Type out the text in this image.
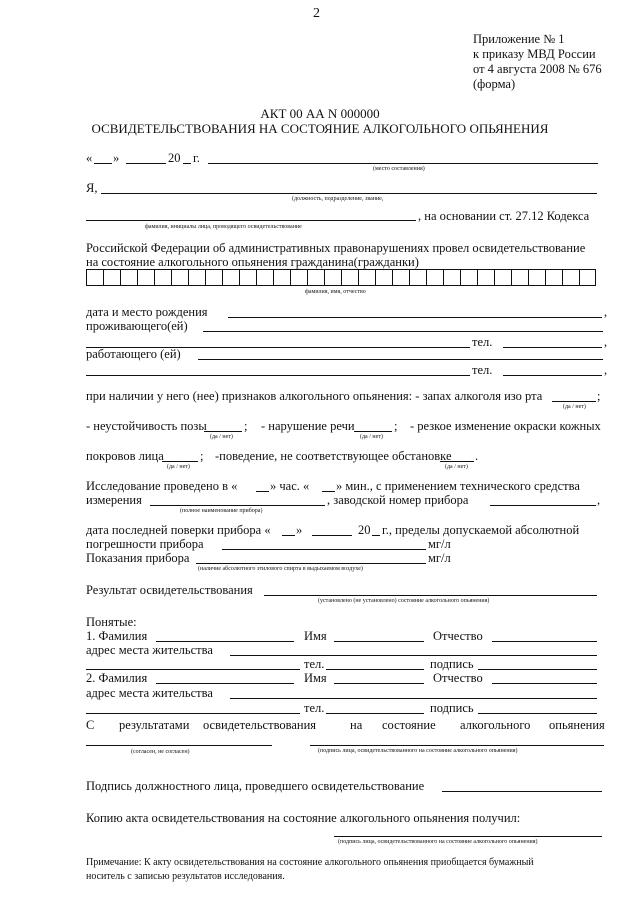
2
Приложение № 1
к приказу МВД России
от 4 августа 2008 № 676
(форма)
АКТ 00 АА N 000000
ОСВИДЕТЕЛЬСТВОВАНИЯ НА СОСТОЯНИЕ АЛКОГОЛЬНОГО ОПЬЯНЕНИЯ
« »	20 г.
(место составления)
Я,
(должность, подразделение, звание,
фамилия, инициалы лица, проводящего освидетельствование
, на основании ст. 27.12 Кодекса
Российской Федерации об административных правонарушениях провел освидетельствование
на состояние алкогольного опьянения гражданина(гражданки)
фамилия, имя, отчество
дата и место рождения	,
проживающего(ей)
тел.	,
работающего (ей)
тел.	,
при наличии у него (нее) признаков алкогольного опьянения: - запах алкоголя изо рта	;
(да / нет)
- неустойчивость позы	;
(да / нет)
- нарушение речи	;
(да / нет)
- резкое изменение окраски кожных
покровов лица	;
(да / нет)
-поведение, не соответствующее обстановке .
(да / нет)
Исследование проведено в «	» час. « » мин., с применением технического средства
измерения
(полное наименование прибора)
, заводской номер прибора	,
дата последней поверки прибора « »	20 г., пределы допускаемой абсолютной
погрешности прибора	мг/л
Показания прибора	мг/л
(наличие абсолютного этилового спирта в выдыхаемом воздухе)
Результат освидетельствования
(установлено (не установлено) состояние алкогольного опьянения)
Понятые:
1. Фамилия	Имя	Отчество
адрес места жительства
тел.	подпись
2. Фамилия	Имя	Отчество
адрес места жительства
тел.	подпись
С результатами освидетельствования	на состояние алкогольного опьянения
(согласен, не согласен)	(подпись лица, освидетельствованного на состояние алкогольного опьянения)
Подпись должностного лица, проведшего освидетельствование
Копию акта освидетельствования на состояние алкогольного опьянения получил:
(подпись лица, освидетельствованного на состояние алкогольного опьянения)
Примечание: К акту освидетельствования на состояние алкогольного опьянения приобщается бумажный
носитель с записью результатов исследования.
